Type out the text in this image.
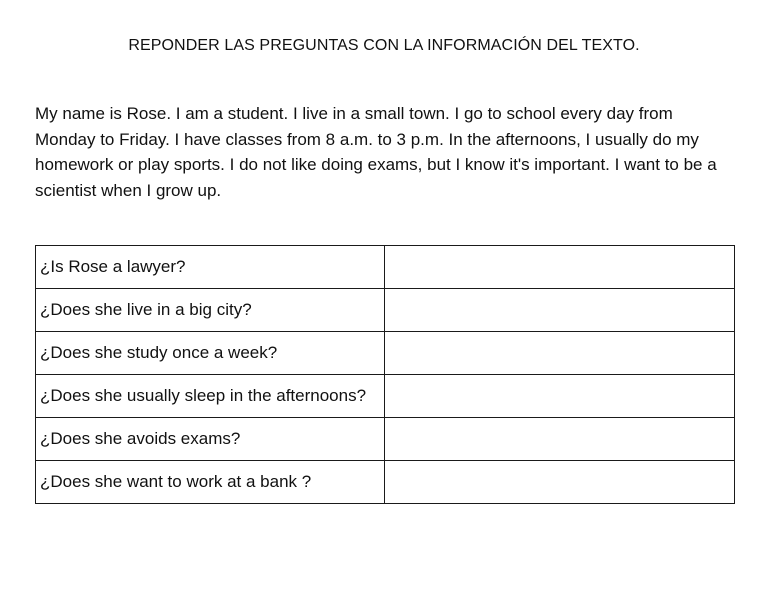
REPONDER LAS PREGUNTAS CON LA INFORMACIÓN DEL TEXTO.

My name is Rose. I am a student. I live in a small town. I go to school every day from Monday to Friday. I have classes from 8 a.m. to 3 p.m. In the afternoons, I usually do my homework or play sports. I do not like doing exams, but I know it's important. I want to be a scientist when I grow up.

¿Is Rose a lawyer?	
¿Does she live in a big city?	
¿Does she study once a week?	
¿Does she usually sleep in the afternoons?	
¿Does she avoids exams?	
¿Does she want to work at a bank ?	
